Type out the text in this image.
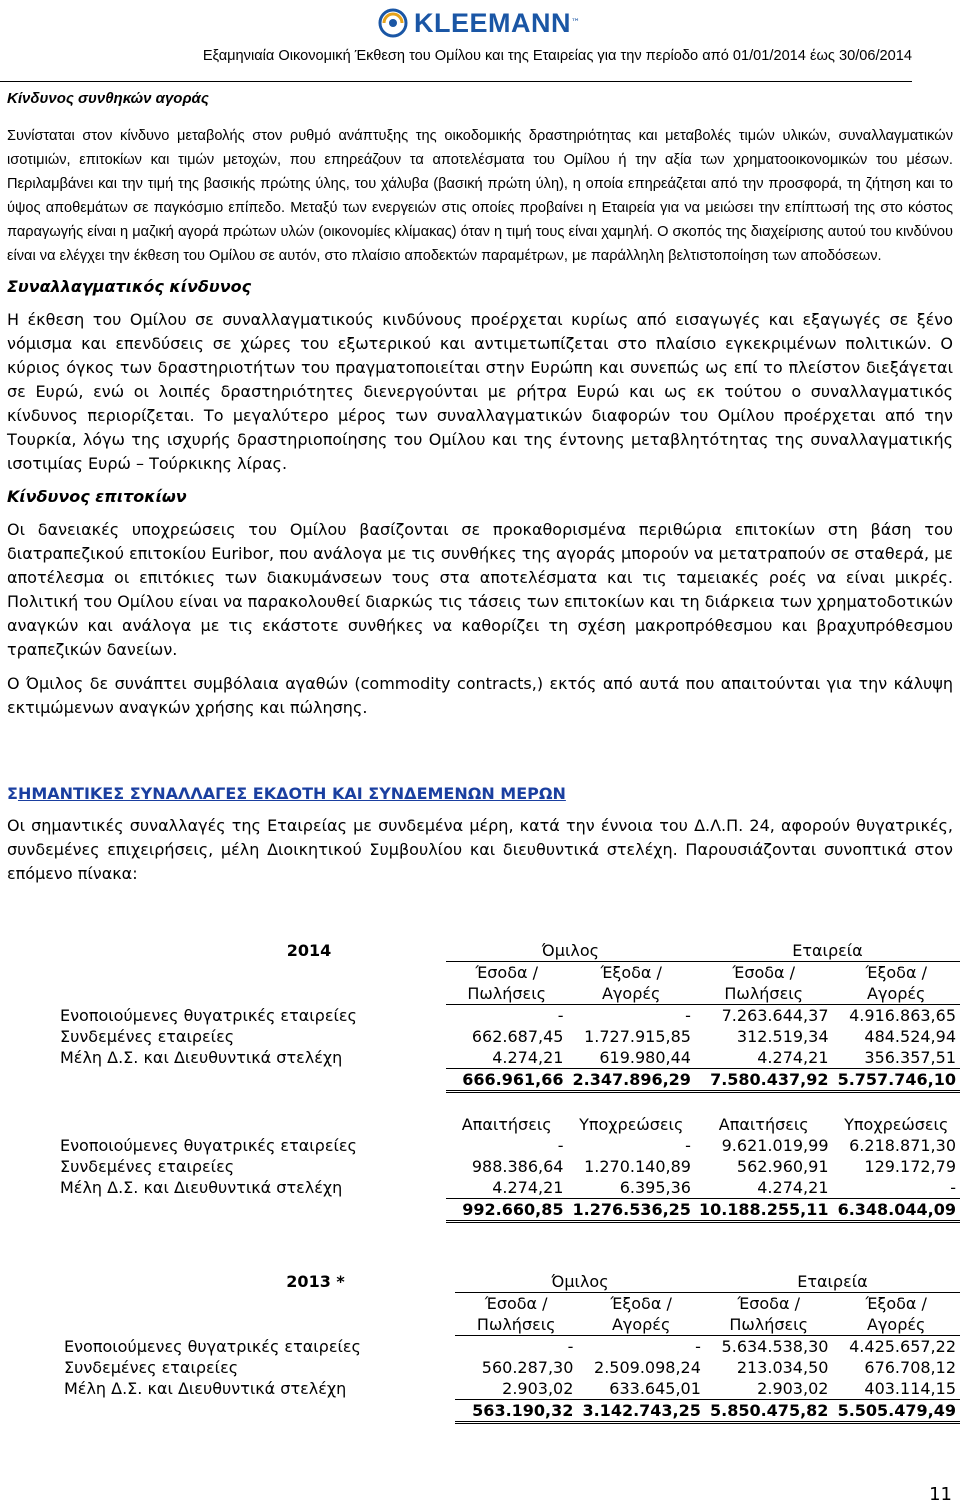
KLEEMANN ™
Εξαμηνιαία Οικονομική Έκθεση του Ομίλου και της Εταιρείας για την περίοδο από 01/01/2014 έως 30/06/2014
Κίνδυνος συνθηκών αγοράς

Συνίσταται στον κίνδυνο μεταβολής στον ρυθμό ανάπτυξης της οικοδομικής δραστηριότητας και μεταβολές τιμών υλικών, συναλλαγματικών ισοτιμιών, επιτοκίων και τιμών μετοχών, που επηρεάζουν τα αποτελέσματα του Ομίλου ή την αξία των χρηματοοικονομικών του μέσων. Περιλαμβάνει και την τιμή της βασικής πρώτης ύλης, του χάλυβα (βασική πρώτη ύλη), η οποία επηρεάζεται από την προσφορά, τη ζήτηση και το ύψος αποθεμάτων σε παγκόσμιο επίπεδο. Μεταξύ των ενεργειών στις οποίες προβαίνει η Εταιρεία για να μειώσει την επίπτωσή της στο κόστος παραγωγής είναι η μαζική αγορά πρώτων υλών (οικονομίες κλίμακας) όταν η τιμή τους είναι χαμηλή. Ο σκοπός της διαχείρισης αυτού του κινδύνου είναι να ελέγχει την έκθεση του Ομίλου σε αυτόν, στο πλαίσιο αποδεκτών παραμέτρων, με παράλληλη βελτιστοποίηση των αποδόσεων.

Συναλλαγματικός κίνδυνος

Η έκθεση του Ομίλου σε συναλλαγματικούς κινδύνους προέρχεται κυρίως από εισαγωγές και εξαγωγές σε ξένο νόμισμα και επενδύσεις σε χώρες του εξωτερικού και αντιμετωπίζεται στο πλαίσιο εγκεκριμένων πολιτικών. Ο κύριος όγκος των δραστηριοτήτων του πραγματοποιείται στην Ευρώπη και συνεπώς ως επί το πλείστον διεξάγεται σε Ευρώ, ενώ οι λοιπές δραστηριότητες διενεργούνται με ρήτρα Ευρώ και ως εκ τούτου ο συναλλαγματικός κίνδυνος περιορίζεται. Το μεγαλύτερο μέρος των συναλλαγματικών διαφορών του Ομίλου προέρχεται από την Τουρκία, λόγω της ισχυρής δραστηριοποίησης του Ομίλου και της έντονης μεταβλητότητας της συναλλαγματικής ισοτιμίας Ευρώ – Τούρκικης λίρας.

Κίνδυνος επιτοκίων

Οι δανειακές υποχρεώσεις του Ομίλου βασίζονται σε προκαθορισμένα περιθώρια επιτοκίων στη βάση του διατραπεζικού επιτοκίου Euribor, που ανάλογα με τις συνθήκες της αγοράς μπορούν να μετατραπούν σε σταθερά, με αποτέλεσμα οι επιτόκιες των διακυμάνσεων τους στα αποτελέσματα και τις ταμειακές ροές να είναι μικρές. Πολιτική του Ομίλου είναι να παρακολουθεί διαρκώς τις τάσεις των επιτοκίων και τη διάρκεια των χρηματοδοτικών αναγκών και ανάλογα με τις εκάστοτε συνθήκες να καθορίζει τη σχέση μακροπρόθεσμου και βραχυπρόθεσμου τραπεζικών δανείων.

Ο Όμιλος δε συνάπτει συμβόλαια αγαθών (commodity contracts,) εκτός από αυτά που απαιτούνται για την κάλυψη εκτιμώμενων αναγκών χρήσης και πώλησης.

ΣΗΜΑΝΤΙΚΕΣ ΣΥΝΑΛΛΑΓΕΣ ΕΚΔΟΤΗ ΚΑΙ ΣΥΝΔΕΜΕΝΩΝ ΜΕΡΩΝ

Οι σημαντικές συναλλαγές της Εταιρείας με συνδεμένα μέρη, κατά την έννοια του Δ.Λ.Π. 24, αφορούν θυγατρικές, συνδεμένες επιχειρήσεις, μέλη Διοικητικού Συμβουλίου και διευθυντικά στελέχη. Παρουσιάζονται συνοπτικά στον επόμενο πίνακα:

2014	Όμιλος		Εταιρεία	
	Έσοδα /	Έξοδα /	Έσοδα /	Έξοδα /
	Πωλήσεις	Αγορές	Πωλήσεις	Αγορές
Ενοποιούμενες θυγατρικές εταιρείες	-	-	7.263.644,37	4.916.863,65
Συνδεμένες εταιρείες	662.687,45	1.727.915,85	312.519,34	484.524,94
Μέλη Δ.Σ. και Διευθυντικά στελέχη	4.274,21	619.980,44	4.274,21	356.357,51
	666.961,66	2.347.896,29	7.580.437,92	5.757.746,10

	Απαιτήσεις	Υποχρεώσεις	Απαιτήσεις	Υποχρεώσεις
Ενοποιούμενες θυγατρικές εταιρείες	-	-	9.621.019,99	6.218.871,30
Συνδεμένες εταιρείες	988.386,64	1.270.140,89	562.960,91	129.172,79
Μέλη Δ.Σ. και Διευθυντικά στελέχη	4.274,21	6.395,36	4.274,21	-
	992.660,85	1.276.536,25	10.188.255,11	6.348.044,09
2013 *	Όμιλος		Εταιρεία	
	Έσοδα /	Έξοδα /	Έσοδα /	Έξοδα /
	Πωλήσεις	Αγορές	Πωλήσεις	Αγορές
Ενοποιούμενες θυγατρικές εταιρείες	-	-	5.634.538,30	4.425.657,22
Συνδεμένες εταιρείες	560.287,30	2.509.098,24	213.034,50	676.708,12
Μέλη Δ.Σ. και Διευθυντικά στελέχη	2.903,02	633.645,01	2.903,02	403.114,15
	563.190,32	3.142.743,25	5.850.475,82	5.505.479,49
11
